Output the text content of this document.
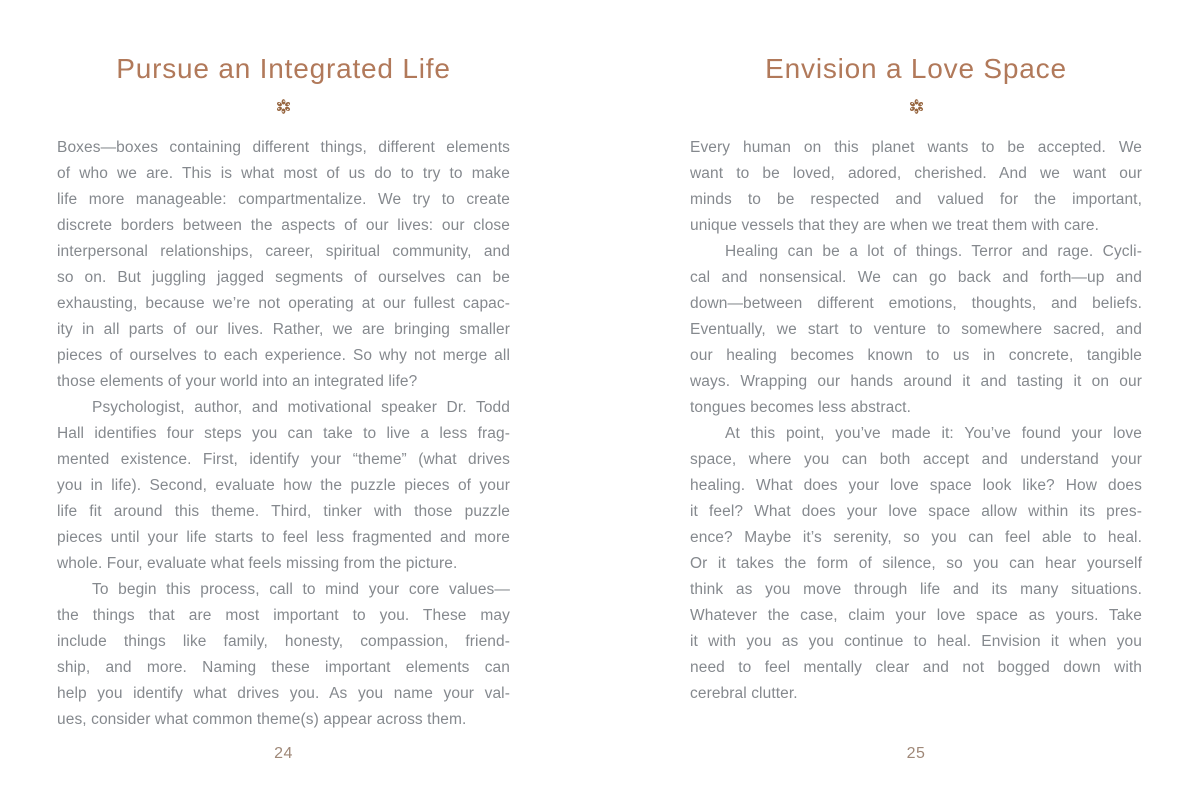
Pursue an Integrated Life
Boxes—boxes containing different things, different elements
of who we are. This is what most of us do to try to make
life more manageable: compartmentalize. We try to create
discrete borders between the aspects of our lives: our close
interpersonal relationships, career, spiritual community, and
so on. But juggling jagged segments of ourselves can be
exhausting, because we’re not operating at our fullest capac-
ity in all parts of our lives. Rather, we are bringing smaller
pieces of ourselves to each experience. So why not merge all
those elements of your world into an integrated life?
Psychologist, author, and motivational speaker Dr. Todd
Hall identifies four steps you can take to live a less frag-
mented existence. First, identify your “theme” (what drives
you in life). Second, evaluate how the puzzle pieces of your
life fit around this theme. Third, tinker with those puzzle
pieces until your life starts to feel less fragmented and more
whole. Four, evaluate what feels missing from the picture.
To begin this process, call to mind your core values—
the things that are most important to you. These may
include things like family, honesty, compassion, friend-
ship, and more. Naming these important elements can
help you identify what drives you. As you name your val-
ues, consider what common theme(s) appear across them.
24
Envision a Love Space
Every human on this planet wants to be accepted. We
want to be loved, adored, cherished. And we want our
minds to be respected and valued for the important,
unique vessels that they are when we treat them with care.
Healing can be a lot of things. Terror and rage. Cycli-
cal and nonsensical. We can go back and forth—up and
down—between different emotions, thoughts, and beliefs.
Eventually, we start to venture to somewhere sacred, and
our healing becomes known to us in concrete, tangible
ways. Wrapping our hands around it and tasting it on our
tongues becomes less abstract.
At this point, you’ve made it: You’ve found your love
space, where you can both accept and understand your
healing. What does your love space look like? How does
it feel? What does your love space allow within its pres-
ence? Maybe it’s serenity, so you can feel able to heal.
Or it takes the form of silence, so you can hear yourself
think as you move through life and its many situations.
Whatever the case, claim your love space as yours. Take
it with you as you continue to heal. Envision it when you
need to feel mentally clear and not bogged down with
cerebral clutter.
25
